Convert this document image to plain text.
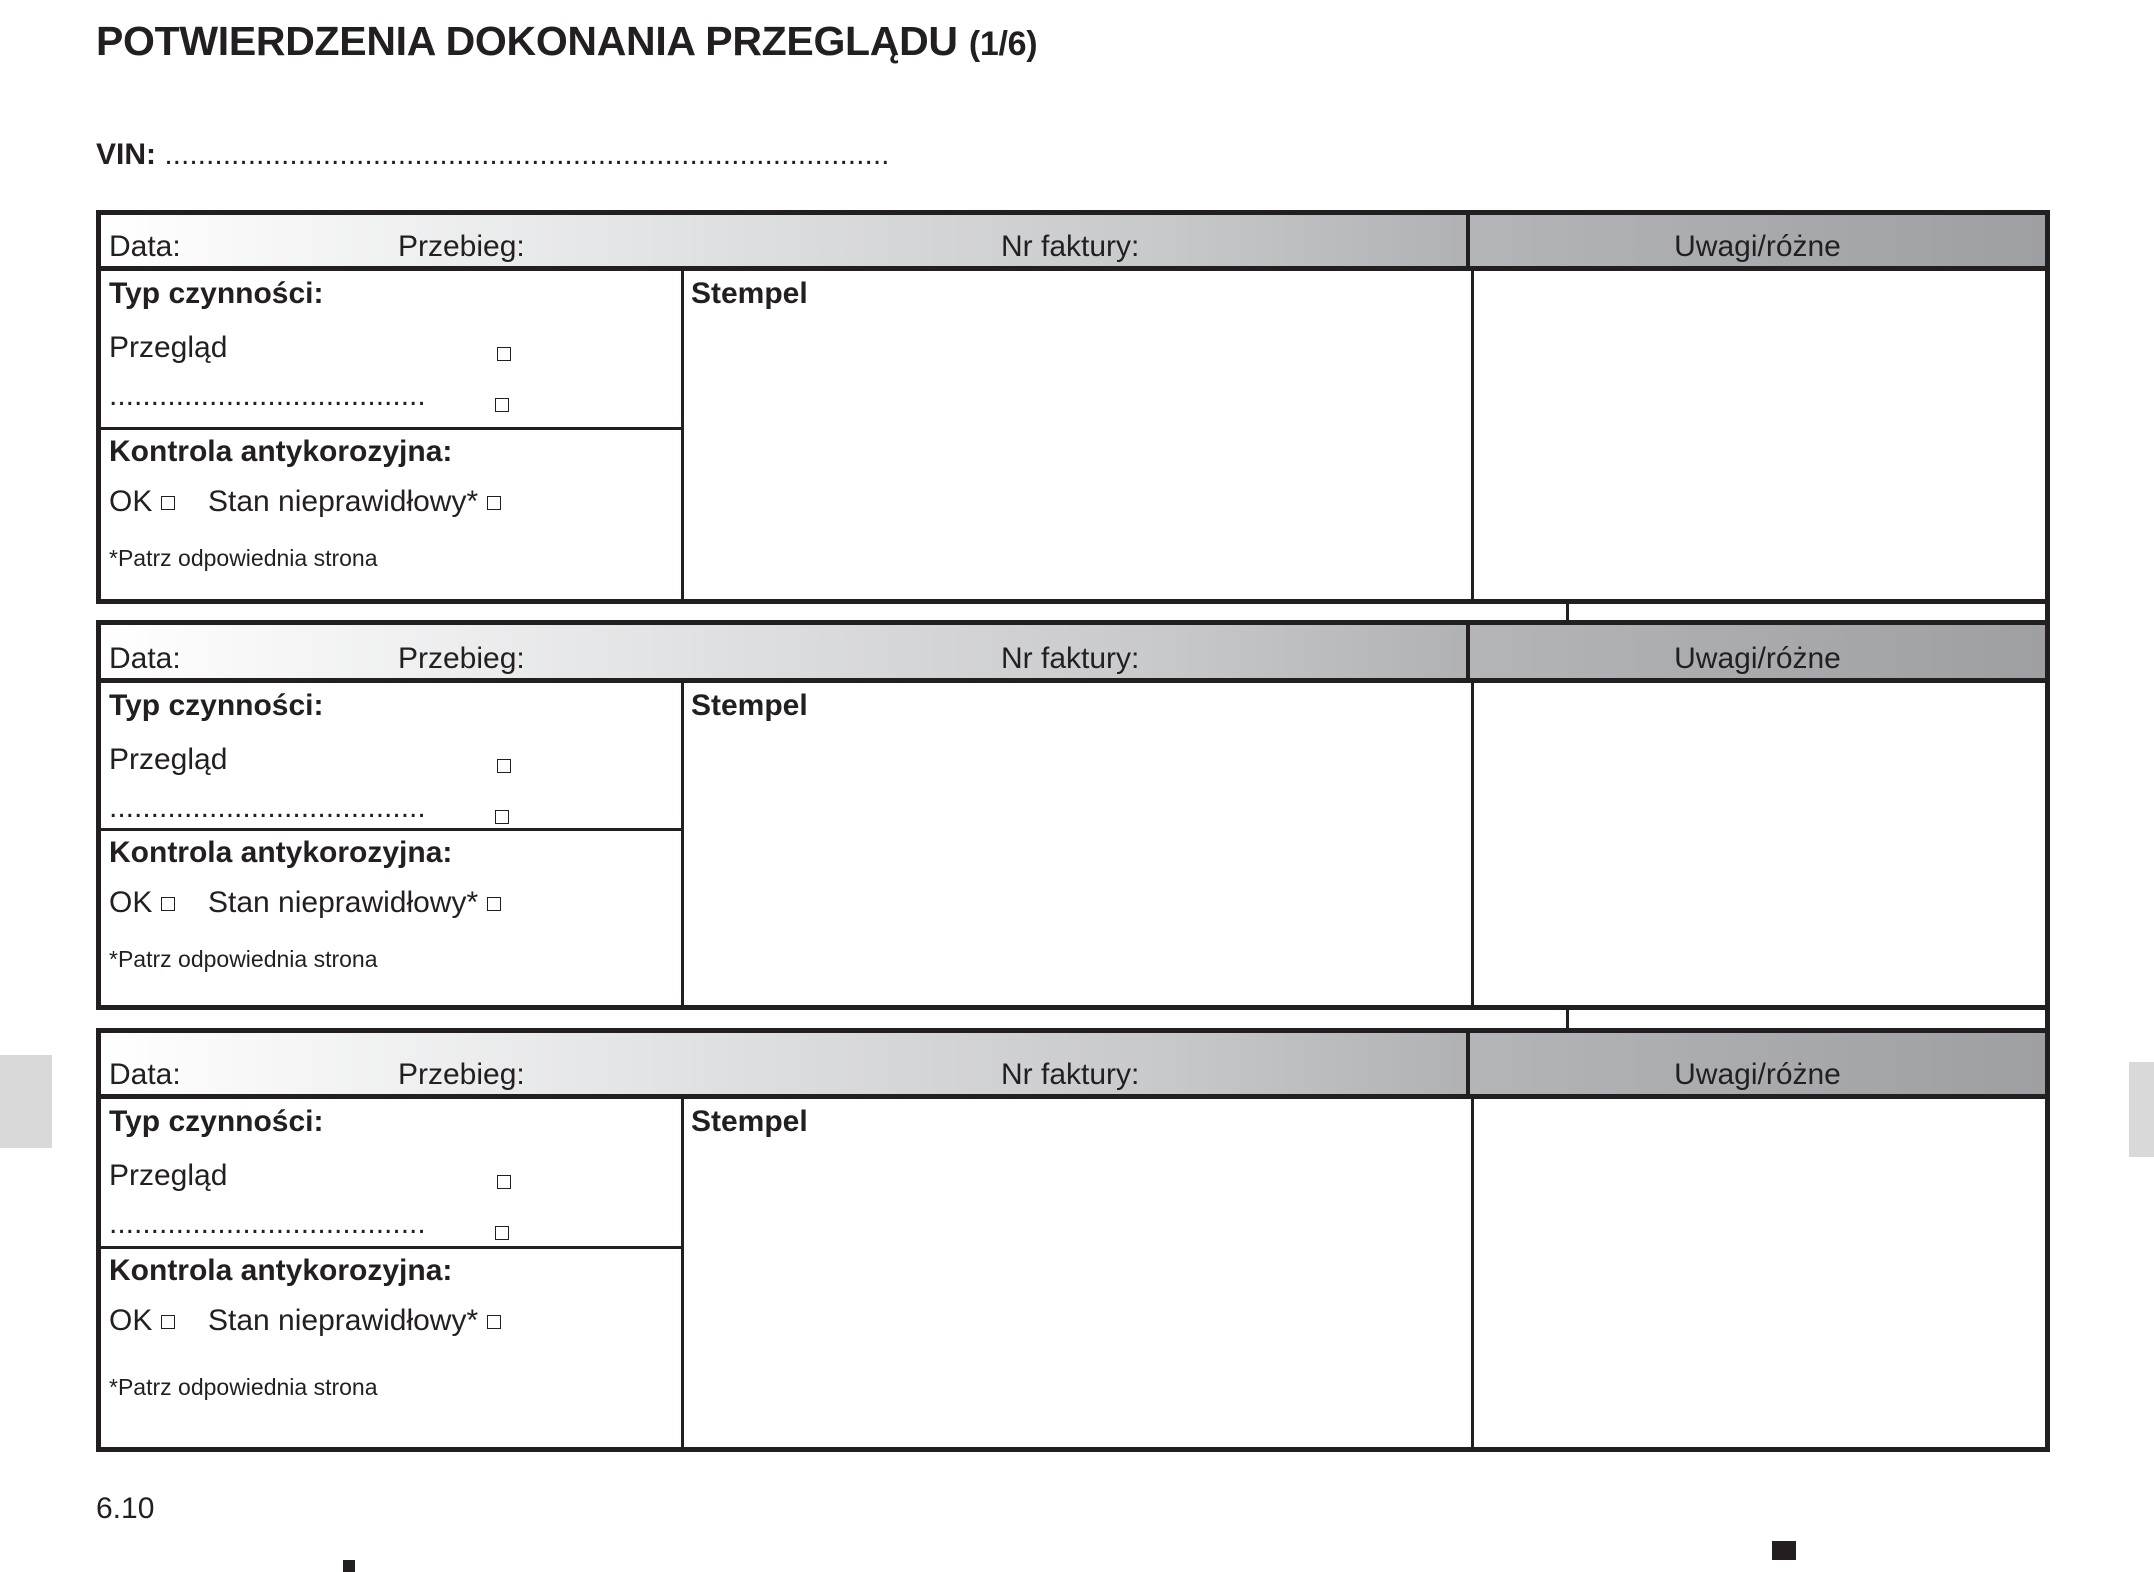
POTWIERDZENIA DOKONANIA PRZEGLĄDU (1/6)
VIN: .......................................................................................
Data:	Przebieg:	Nr faktury:	Uwagi/różne
Typ czynności:
Przegląd
......................................
Stempel
Kontrola antykorozyjna:
OK	Stan nieprawidłowy*
*Patrz odpowiednia strona
Data:	Przebieg:	Nr faktury:	Uwagi/różne
Typ czynności:
Przegląd
......................................
Stempel
Kontrola antykorozyjna:
OK	Stan nieprawidłowy*
*Patrz odpowiednia strona
Data:	Przebieg:	Nr faktury:	Uwagi/różne
Typ czynności:
Przegląd
......................................
Stempel
Kontrola antykorozyjna:
OK	Stan nieprawidłowy*
*Patrz odpowiednia strona
6.10
